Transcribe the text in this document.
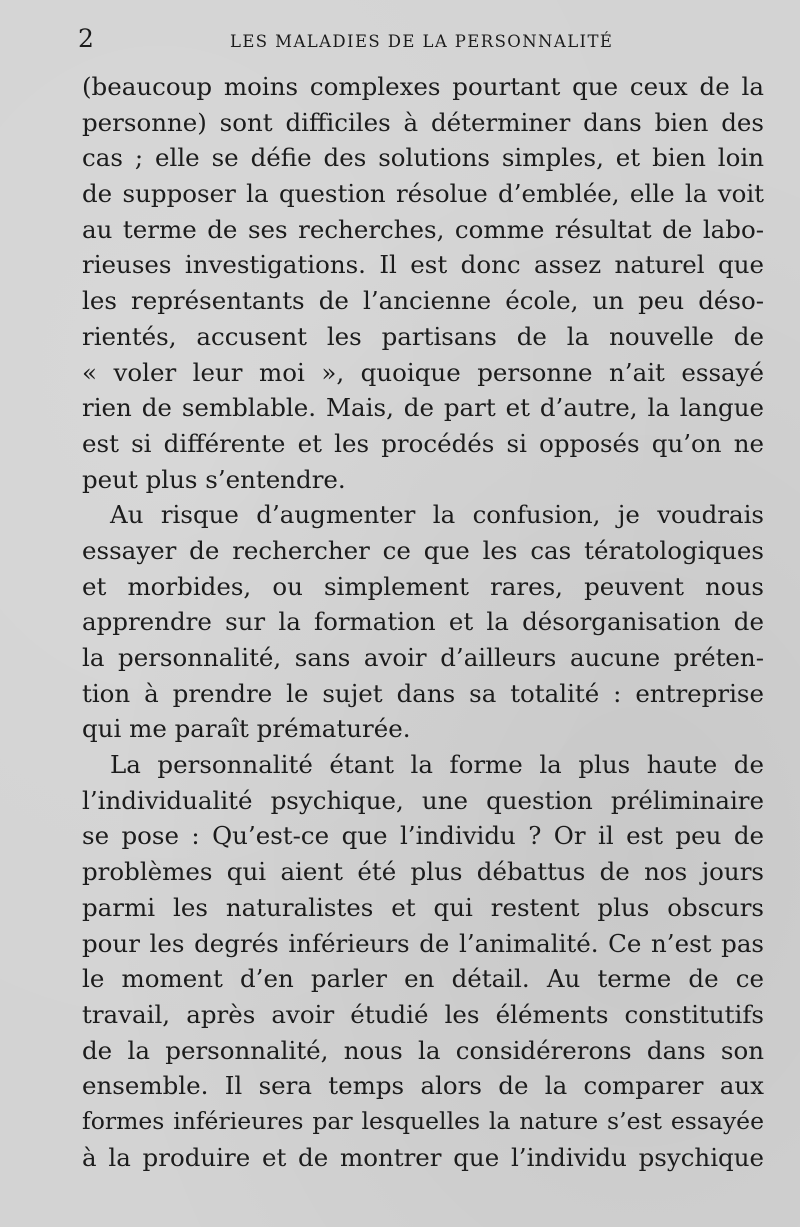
2	LES MALADIES DE LA PERSONNALITÉ
(beaucoup moins complexes pourtant que ceux de la
personne) sont difficiles à déterminer dans bien des
cas ; elle se défie des solutions simples, et bien loin
de supposer la question résolue d’emblée, elle la voit
au terme de ses recherches, comme résultat de labo-
rieuses investigations. Il est donc assez naturel que
les représentants de l’ancienne école, un peu déso-
rientés, accusent les partisans de la nouvelle de
« voler leur moi », quoique personne n’ait essayé
rien de semblable. Mais, de part et d’autre, la langue
est si différente et les procédés si opposés qu’on ne
peut plus s’entendre.
Au risque d’augmenter la confusion, je voudrais
essayer de rechercher ce que les cas tératologiques
et morbides, ou simplement rares, peuvent nous
apprendre sur la formation et la désorganisation de
la personnalité, sans avoir d’ailleurs aucune préten-
tion à prendre le sujet dans sa totalité : entreprise
qui me paraît prématurée.
La personnalité étant la forme la plus haute de
l’individualité psychique, une question préliminaire
se pose : Qu’est-ce que l’individu ? Or il est peu de
problèmes qui aient été plus débattus de nos jours
parmi les naturalistes et qui restent plus obscurs
pour les degrés inférieurs de l’animalité. Ce n’est pas
le moment d’en parler en détail. Au terme de ce
travail, après avoir étudié les éléments constitutifs
de la personnalité, nous la considérerons dans son
ensemble. Il sera temps alors de la comparer aux
formes inférieures par lesquelles la nature s’est essayée
à la produire et de montrer que l’individu psychique
